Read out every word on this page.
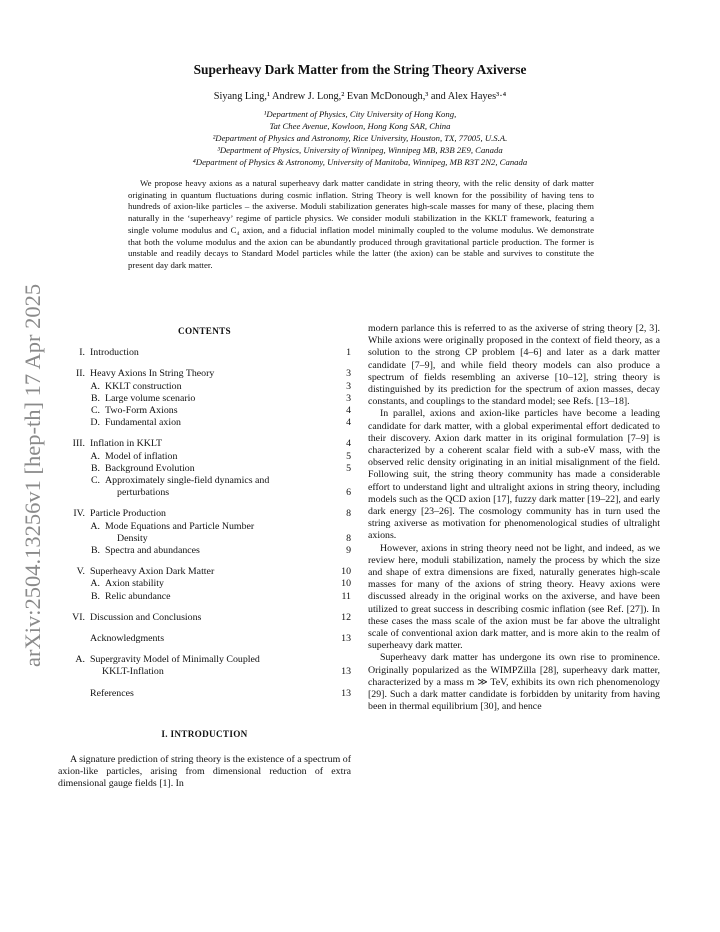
arXiv:2504.13256v1 [hep-th] 17 Apr 2025
Superheavy Dark Matter from the String Theory Axiverse
Siyang Ling,¹ Andrew J. Long,² Evan McDonough,³ and Alex Hayes³·⁴
¹Department of Physics, City University of Hong Kong,
Tat Chee Avenue, Kowloon, Hong Kong SAR, China
²Department of Physics and Astronomy, Rice University, Houston, TX, 77005, U.S.A.
³Department of Physics, University of Winnipeg, Winnipeg MB, R3B 2E9, Canada
⁴Department of Physics & Astronomy, University of Manitoba, Winnipeg, MB R3T 2N2, Canada

We propose heavy axions as a natural superheavy dark matter candidate in string theory, with the relic density of dark matter originating in quantum fluctuations during cosmic inflation. String Theory is well known for the possibility of having tens to hundreds of axion-like particles – the axiverse. Moduli stabilization generates high-scale masses for many of these, placing them naturally in the ‘superheavy’ regime of particle physics. We consider moduli stabilization in the KKLT framework, featuring a single volume modulus and C₄ axion, and a fiducial inflation model minimally coupled to the volume modulus. We demonstrate that both the volume modulus and the axion can be abundantly produced through gravitational particle production. The former is unstable and readily decays to Standard Model particles while the latter (the axion) can be stable and survives to constitute the present day dark matter.

CONTENTS
I. Introduction	1
II. Heavy Axions In String Theory	3
A. KKLT construction	3
B. Large volume scenario	3
C. Two-Form Axions	4
D. Fundamental axion	4
III. Inflation in KKLT	4
A. Model of inflation	5
B. Background Evolution	5
C. Approximately single-field dynamics and
perturbations	6
IV. Particle Production	8
A. Mode Equations and Particle Number
Density	8
B. Spectra and abundances	9
V. Superheavy Axion Dark Matter	10
A. Axion stability	10
B. Relic abundance	11
VI. Discussion and Conclusions	12
Acknowledgments	13
A. Supergravity Model of Minimally Coupled
KKLT-Inflation	13
References	13
I. INTRODUCTION

A signature prediction of string theory is the existence of a spectrum of axion-like particles, arising from dimensional reduction of extra dimensional gauge fields [1]. In

modern parlance this is referred to as the axiverse of string theory [2, 3]. While axions were originally proposed in the context of field theory, as a solution to the strong CP problem [4–6] and later as a dark matter candidate [7–9], and while field theory models can also produce a spectrum of fields resembling an axiverse [10–12], string theory is distinguished by its prediction for the spectrum of axion masses, decay constants, and couplings to the standard model; see Refs. [13–18].

In parallel, axions and axion-like particles have become a leading candidate for dark matter, with a global experimental effort dedicated to their discovery. Axion dark matter in its original formulation [7–9] is characterized by a coherent scalar field with a sub-eV mass, with the observed relic density originating in an initial misalignment of the field. Following suit, the string theory community has made a considerable effort to understand light and ultralight axions in string theory, including models such as the QCD axion [17], fuzzy dark matter [19–22], and early dark energy [23–26]. The cosmology community has in turn used the string axiverse as motivation for phenomenological studies of ultralight axions.

However, axions in string theory need not be light, and indeed, as we review here, moduli stabilization, namely the process by which the size and shape of extra dimensions are fixed, naturally generates high-scale masses for many of the axions of string theory. Heavy axions were discussed already in the original works on the axiverse, and have been utilized to great success in describing cosmic inflation (see Ref. [27]). In these cases the mass scale of the axion must be far above the ultralight scale of conventional axion dark matter, and is more akin to the realm of superheavy dark matter.

Superheavy dark matter has undergone its own rise to prominence. Originally popularized as the WIMPZilla [28], superheavy dark matter, characterized by a mass m ≫ TeV, exhibits its own rich phenomenology [29]. Such a dark matter candidate is forbidden by unitarity from having been in thermal equilibrium [30], and hence
